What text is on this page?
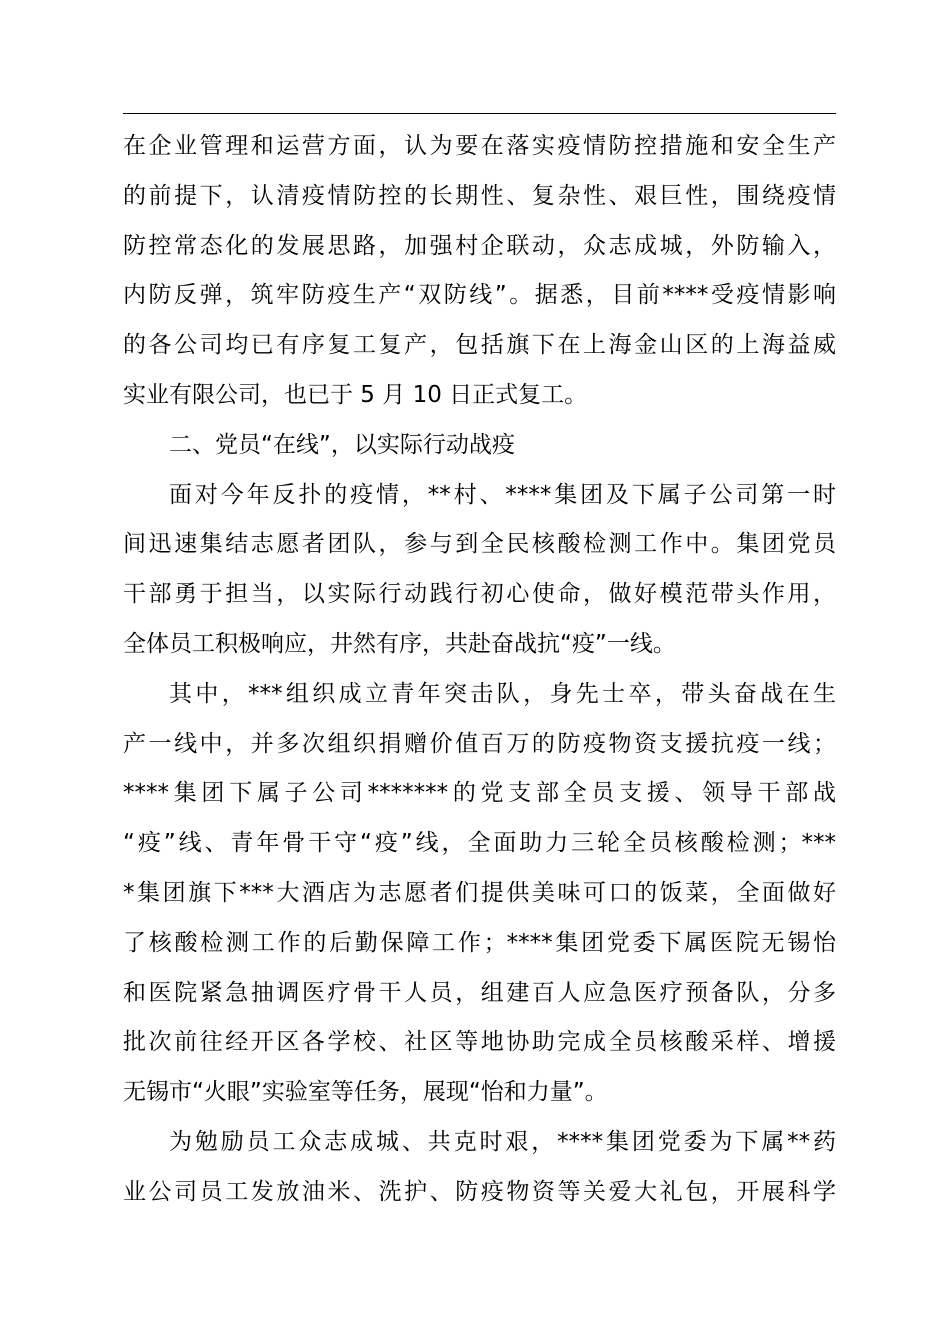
在企业管理和运营方面，认为要在落实疫情防控措施和安全生产
的前提下，认清疫情防控的长期性、复杂性、艰巨性，围绕疫情
防控常态化的发展思路，加强村企联动，众志成城，外防输入，
内防反弹，筑牢防疫生产“双防线”。据悉，目前****受疫情影响
的各公司均已有序复工复产，包括旗下在上海金山区的上海益威
实业有限公司，也已于 5 月 10 日正式复工。
二、党员“在线”，以实际行动战疫
面对今年反扑的疫情，**村、****集团及下属子公司第一时
间迅速集结志愿者团队，参与到全民核酸检测工作中。集团党员
干部勇于担当，以实际行动践行初心使命，做好模范带头作用，
全体员工积极响应，井然有序，共赴奋战抗“疫”一线。
其中，***组织成立青年突击队，身先士卒，带头奋战在生
产一线中，并多次组织捐赠价值百万的防疫物资支援抗疫一线；
****集团下属子公司*******的党支部全员支援、领导干部战
“疫”线、青年骨干守“疫”线，全面助力三轮全员核酸检测；***
*集团旗下***大酒店为志愿者们提供美味可口的饭菜，全面做好
了核酸检测工作的后勤保障工作；****集团党委下属医院无锡怡
和医院紧急抽调医疗骨干人员，组建百人应急医疗预备队，分多
批次前往经开区各学校、社区等地协助完成全员核酸采样、增援
无锡市“火眼”实验室等任务，展现“怡和力量”。
为勉励员工众志成城、共克时艰，****集团党委为下属**药
业公司员工发放油米、洗护、防疫物资等关爱大礼包，开展科学
